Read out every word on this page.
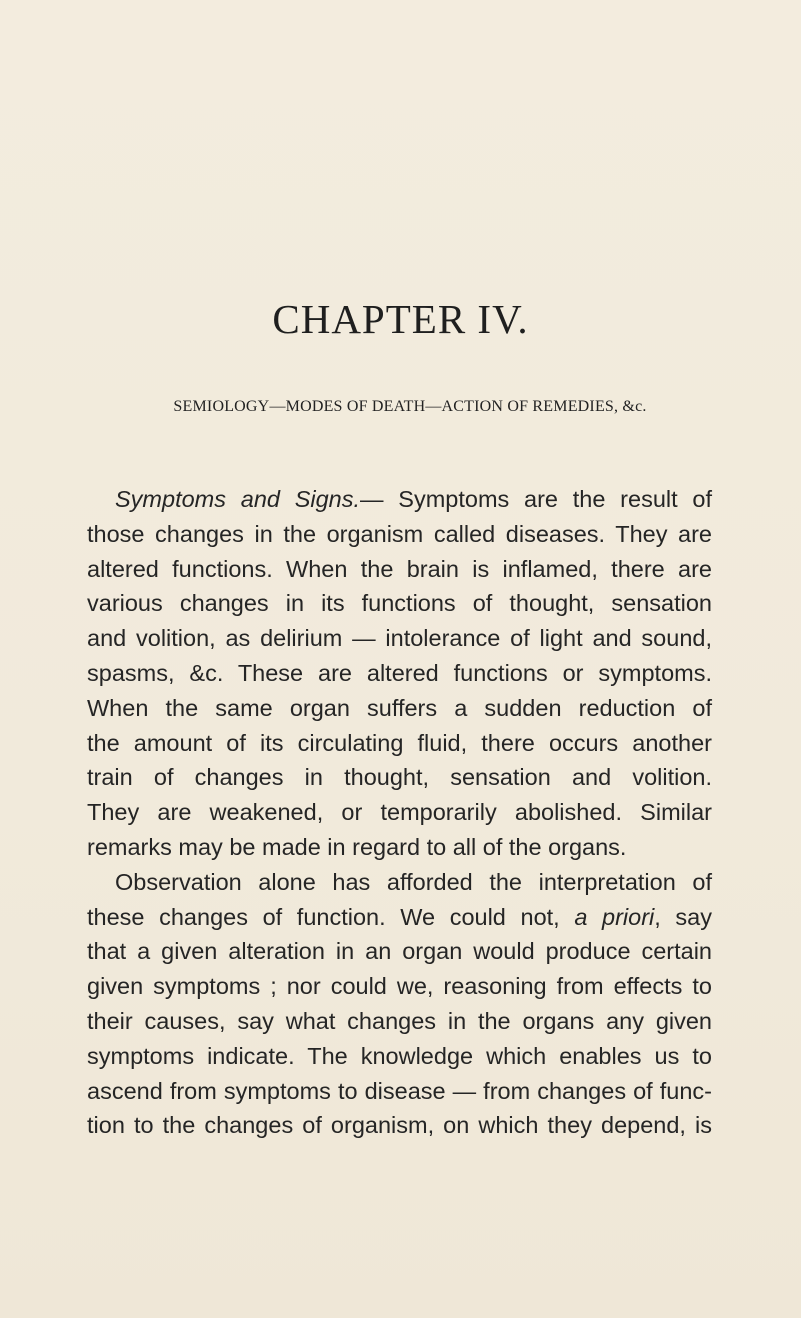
CHAPTER IV.
SEMIOLOGY—MODES OF DEATH—ACTION OF REMEDIES, &c.
Symptoms and Signs.— Symptoms are the result of
those changes in the organism called diseases. They are
altered functions. When the brain is inflamed, there are
various changes in its functions of thought, sensation
and volition, as delirium — intolerance of light and sound,
spasms, &c. These are altered functions or symptoms.
When the same organ suffers a sudden reduction of
the amount of its circulating fluid, there occurs another
train of changes in thought, sensation and volition.
They are weakened, or temporarily abolished. Similar
remarks may be made in regard to all of the organs.
Observation alone has afforded the interpretation of
these changes of function. We could not, a priori, say
that a given alteration in an organ would produce certain
given symptoms ; nor could we, reasoning from effects to
their causes, say what changes in the organs any given
symptoms indicate. The knowledge which enables us to
ascend from symptoms to disease — from changes of func-
tion to the changes of organism, on which they depend, is
